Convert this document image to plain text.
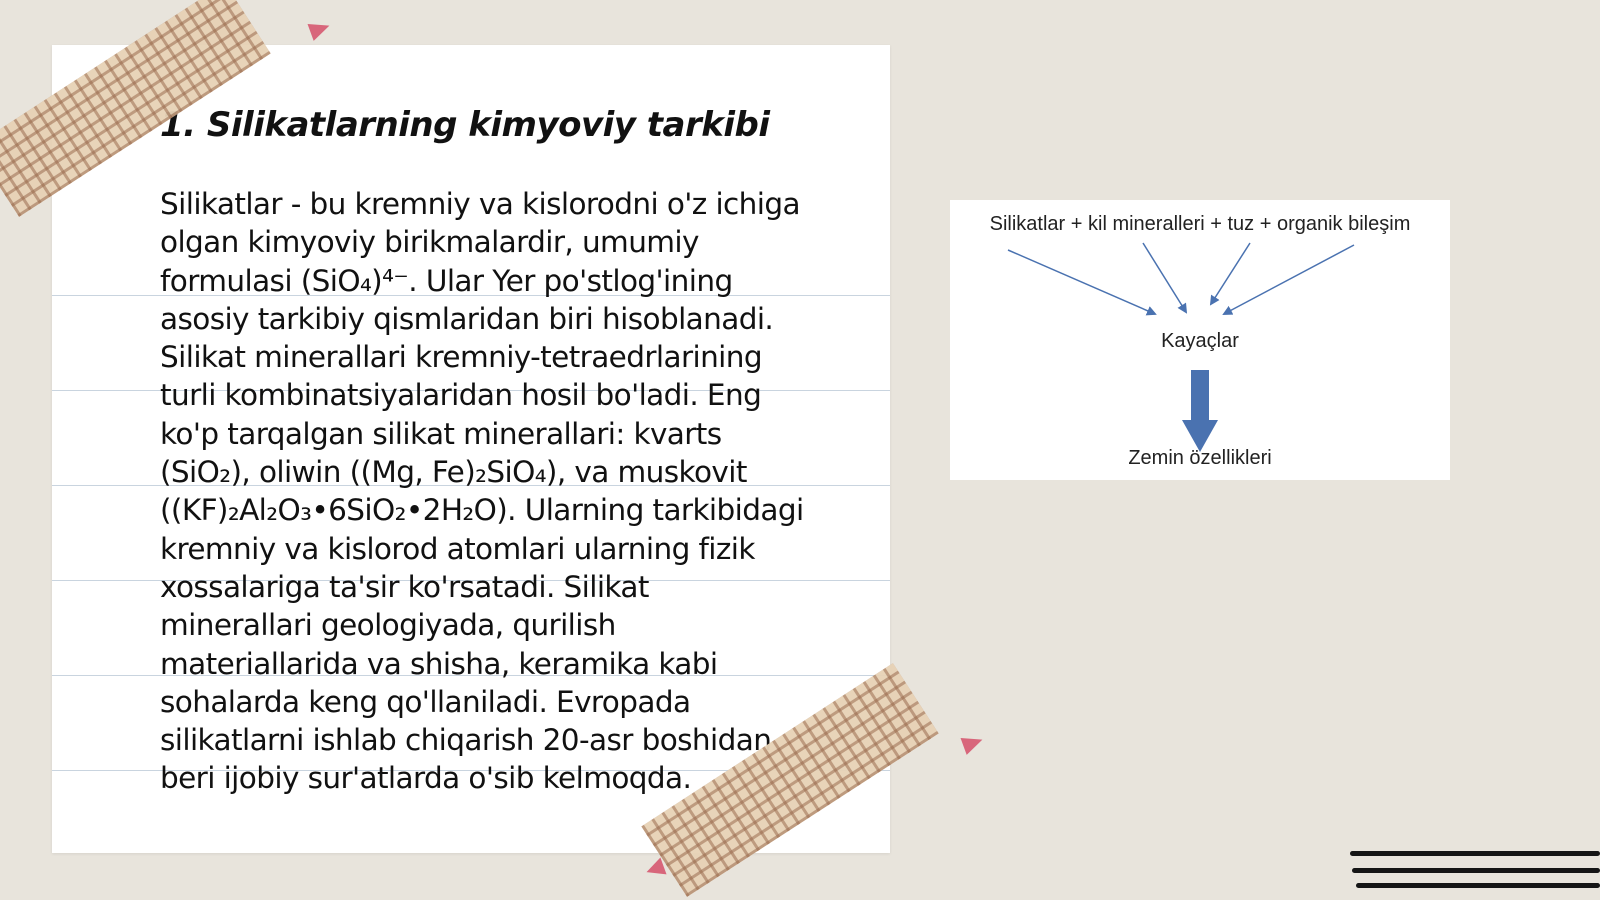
1. Silikatlarning kimyoviy tarkibi

Silikatlar - bu kremniy va kislorodni o'z ichiga
olgan kimyoviy birikmalardir, umumiy
formulasi (SiO₄)⁴⁻. Ular Yer po'stlog'ining
asosiy tarkibiy qismlaridan biri hisoblanadi.
Silikat minerallari kremniy-tetraedrlarining
turli kombinatsiyalaridan hosil bo'ladi. Eng
ko'p tarqalgan silikat minerallari: kvarts
(SiO₂), oliwin ((Mg, Fe)₂SiO₄), va muskovit
((KF)₂Al₂O₃•6SiO₂•2H₂O). Ularning tarkibidagi
kremniy va kislorod atomlari ularning fizik
xossalariga ta'sir ko'rsatadi. Silikat
minerallari geologiyada, qurilish
materiallarida va shisha, keramika kabi
sohalarda keng qo'llaniladi. Evropada
silikatlarni ishlab chiqarish 20-asr boshidan
beri ijobiy sur'atlarda o'sib kelmoqda.

Silikatlar + kil mineralleri + tuz + organik bileşim

Kayaçlar

Zemin özellikleri
